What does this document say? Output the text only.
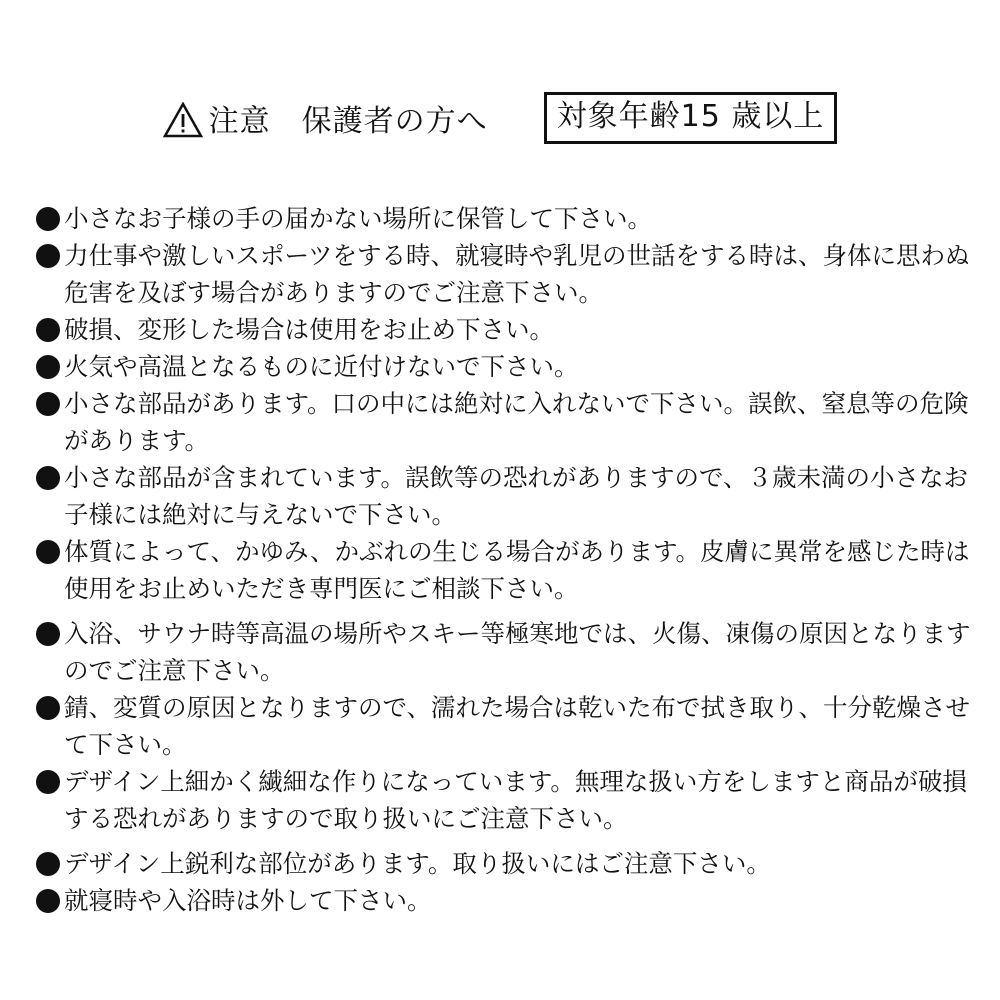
注意　保護者の方へ	対象年齢15 歳以上
小さなお子様の手の届かない場所に保管して下さい。
力仕事や激しいスポーツをする時、就寝時や乳児の世話をする時は、身体に思わぬ危害を及ぼす場合がありますのでご注意下さい。
破損、変形した場合は使用をお止め下さい。
火気や高温となるものに近付けないで下さい。
小さな部品があります。口の中には絶対に入れないで下さい。誤飲、窒息等の危険があります。
小さな部品が含まれています。誤飲等の恐れがありますので、３歳未満の小さなお子様には絶対に与えないで下さい。
体質によって、かゆみ、かぶれの生じる場合があります。皮膚に異常を感じた時は使用をお止めいただき専門医にご相談下さい。
入浴、サウナ時等高温の場所やスキー等極寒地では、火傷、凍傷の原因となりますのでご注意下さい。
錆、変質の原因となりますので、濡れた場合は乾いた布で拭き取り、十分乾燥させて下さい。
デザイン上細かく繊細な作りになっています。無理な扱い方をしますと商品が破損する恐れがありますので取り扱いにご注意下さい。
デザイン上鋭利な部位があります。取り扱いにはご注意下さい。
就寝時や入浴時は外して下さい。
